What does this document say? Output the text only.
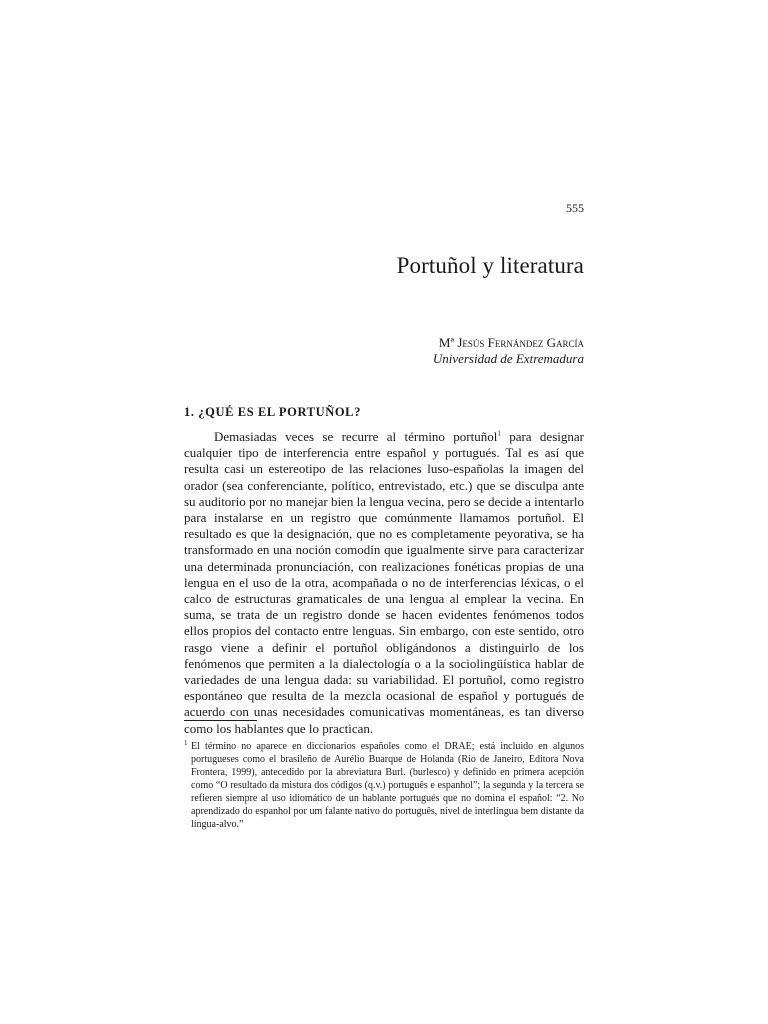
555
Portuñol y literatura
Mª Jesús Fernández García
Universidad de Extremadura
1. ¿QUÉ ES EL PORTUÑOL?

Demasiadas veces se recurre al término portuñol$^1$ para designar cualquier tipo de interferencia entre español y portugués. Tal es así que resulta casi un estereotipo de las relaciones luso-españolas la imagen del orador (sea conferenciante, político, entrevistado, etc.) que se disculpa ante su auditorio por no manejar bien la lengua vecina, pero se decide a intentarlo para instalarse en un registro que comúnmente llamamos portuñol. El resultado es que la designación, que no es completamente peyorativa, se ha transformado en una noción comodín que igualmente sirve para caracterizar una determinada pronunciación, con realizaciones fonéticas propias de una lengua en el uso de la otra, acompañada o no de interferencias léxicas, o el calco de estructuras gramaticales de una lengua al emplear la vecina. En suma, se trata de un registro donde se hacen evidentes fenómenos todos ellos propios del contacto entre lenguas. Sin embargo, con este sentido, otro rasgo viene a definir el portuñol obligándonos a distinguirlo de los fenómenos que permiten a la dialectología o a la sociolingüística hablar de variedades de una lengua dada: su variabilidad. El portuñol, como registro espontáneo que resulta de la mezcla ocasional de español y portugués de acuerdo con unas necesidades comunicativas momentáneas, es tan diverso como los hablantes que lo practican.

1 El término no aparece en diccionarios españoles como el DRAE; está incluido en algunos portugueses como el brasileño de Aurélio Buarque de Holanda (Rio de Janeiro, Editora Nova Frontera, 1999), antecedido por la abreviatura Burl. (burlesco) y definido en primera acepción como “O resultado da mistura dos códigos (q.v.) português e espanhol”; la segunda y la tercera se refieren siempre al uso idiomático de un hablante portugués que no domina el español: “2. No aprendizado do espanhol por um falante nativo do português, nível de interlíngua bem distante da língua-alvo.”
